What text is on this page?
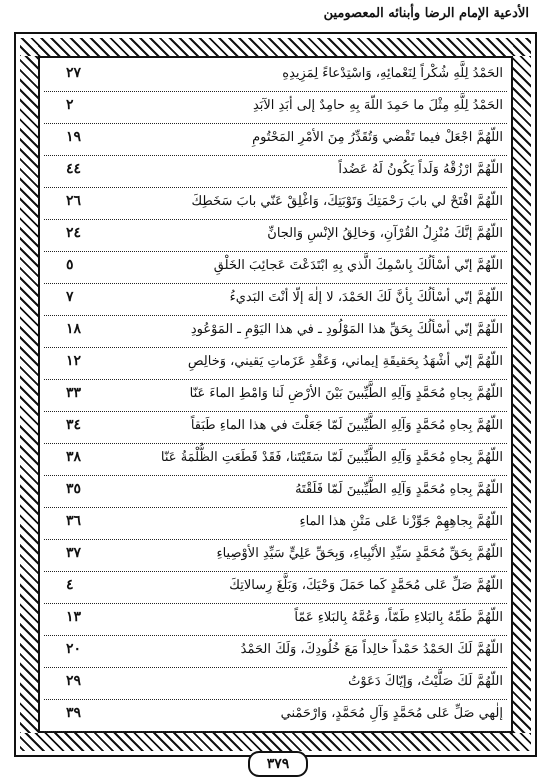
الأدعية الإمام الرضا وأبنائه المعصومين
الحَمْدُ لِلَّهِ شُكْراً لِنَعْمائِهِ، وَاسْتِدْعاءً لِمَزِيدِهِ
٢٧
الحَمْدُ لِلَّهِ مِثْلَ ما حَمِدَ اللّهَ بِهِ حامِدٌ إلى أبَدِ الآبَدِ
٢
اللّهُمَّ اجْعَلْ فيما تَقْضي وَتُقَدِّرُ مِنَ الأمْرِ المَحْتُومِ
١٩
اللّهُمَّ ارْزُقْهُ وَلَداً يَكُونُ لَهُ عَضُداً
٤٤
اللّهُمَّ افْتَحْ لي بابَ رَحْمَتِكَ وَتَوْبَتِكَ، وَاغْلِقْ عَنّي بابَ سَخَطِكَ
٢٦
اللّهُمَّ إنَّكَ مُنْزِلُ القُرْآنِ، وَخالِقُ الإنْسِ وَالجانِّ
٢٤
اللّهُمَّ إنّي أسْألُكَ بِاسْمِكَ الَّذي بِهِ ابْتَدَعْتَ عَجائِبَ الخَلْقِ
٥
اللّهُمَّ إنّي أسْألُكَ بِأنَّ لَكَ الحَمْدَ، لا إلٰهَ إلّا أنْتَ البَديءُ
٧
اللّهُمَّ إنّي أسْألُكَ بِحَقِّ هذا المَوْلُودِ ـ في هذا اليَوْمِ ـ المَوْعُودِ
١٨
اللّهُمَّ إنّي أشْهَدُ بِحَقيقَةِ إيماني، وَعَقْدِ عَزَماتِ يَقيني، وَخالِصِ
١٢
اللّهُمَّ بِجاهِ مُحَمَّدٍ وَآلِهِ الطَّيِّبينَ بَيْنَ الأرْضِ لَنا وَامْطِ الماءَ عَنّا
٣٣
اللّهُمَّ بِجاهِ مُحَمَّدٍ وَآلِهِ الطَّيِّبينَ لَمّا جَعَلْتَ في هذا الماءِ طَبَقاً
٣٤
اللّهُمَّ بِجاهِ مُحَمَّدٍ وَآلِهِ الطَّيِّبينَ لَمّا سَقَيْتَنا، فَقَدْ قَطَعَتِ الظُّلْمَةُ عَنّا
٣٨
اللّهُمَّ بِجاهِ مُحَمَّدٍ وَآلِهِ الطَّيِّبينَ لَمّا فَلَقْتَهُ
٣٥
اللّهُمَّ بِجاهِهِمْ جَوِّزْنا عَلى مَتْنِ هذا الماءِ
٣٦
اللّهُمَّ بِحَقِّ مُحَمَّدٍ سَيِّدِ الأنْبِياءِ، وَبِحَقِّ عَلِيٍّ سَيِّدِ الأوْصِياءِ
٣٧
اللّهُمَّ صَلِّ عَلى مُحَمَّدٍ كَما حَمَلَ وَحْيَكَ، وَبَلَّغَ رِسالاتِكَ
٤
اللّهُمَّ طَمِّهُ بِالبَلاءِ طَمّاً، وَعُمَّهُ بِالبَلاءِ عَمّاً
١٣
اللّهُمَّ لَكَ الحَمْدُ حَمْداً خالِداً مَعَ خُلُودِكَ، وَلَكَ الحَمْدُ
٢٠
اللّهُمَّ لَكَ صَلَّيْتُ، وَإيّاكَ دَعَوْتُ
٢٩
إلٰهي صَلِّ عَلى مُحَمَّدٍ وَآلِ مُحَمَّدٍ، وَارْحَمْني
٣٩
٣٧٩
